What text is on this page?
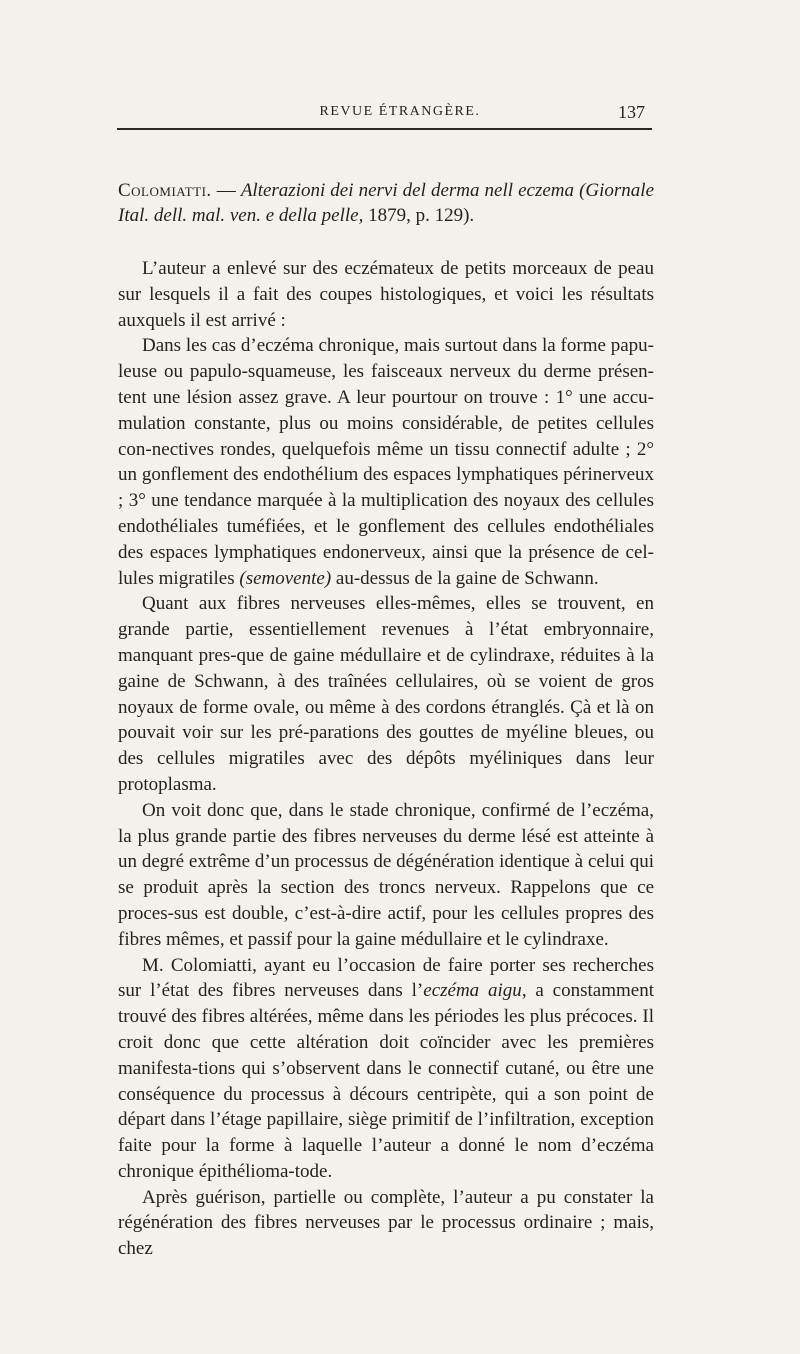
REVUE ÉTRANGÈRE.	137

Colomiatti. — Alterazioni dei nervi del derma nell eczema (Giornale Ital. dell. mal. ven. e della pelle, 1879, p. 129).

L’auteur a enlevé sur des eczémateux de petits morceaux de peau sur lesquels il a fait des coupes histologiques, et voici les résultats auxquels il est arrivé :

Dans les cas d’eczéma chronique, mais surtout dans la forme papu-leuse ou papulo-squameuse, les faisceaux nerveux du derme présen-tent une lésion assez grave. A leur pourtour on trouve : 1° une accu-mulation constante, plus ou moins considérable, de petites cellules con-nectives rondes, quelquefois même un tissu connectif adulte ; 2° un gonflement des endothélium des espaces lymphatiques périnerveux ; 3° une tendance marquée à la multiplication des noyaux des cellules endothéliales tuméfiées, et le gonflement des cellules endothéliales des espaces lymphatiques endonerveux, ainsi que la présence de cel-lules migratiles (semovente) au-dessus de la gaine de Schwann.

Quant aux fibres nerveuses elles-mêmes, elles se trouvent, en grande partie, essentiellement revenues à l’état embryonnaire, manquant pres-que de gaine médullaire et de cylindraxe, réduites à la gaine de Schwann, à des traînées cellulaires, où se voient de gros noyaux de forme ovale, ou même à des cordons étranglés. Çà et là on pouvait voir sur les pré-parations des gouttes de myéline bleues, ou des cellules migratiles avec des dépôts myéliniques dans leur protoplasma.

On voit donc que, dans le stade chronique, confirmé de l’eczéma, la plus grande partie des fibres nerveuses du derme lésé est atteinte à un degré extrême d’un processus de dégénération identique à celui qui se produit après la section des troncs nerveux. Rappelons que ce proces-sus est double, c’est-à-dire actif, pour les cellules propres des fibres mêmes, et passif pour la gaine médullaire et le cylindraxe.

M. Colomiatti, ayant eu l’occasion de faire porter ses recherches sur l’état des fibres nerveuses dans l’eczéma aigu, a constamment trouvé des fibres altérées, même dans les périodes les plus précoces. Il croit donc que cette altération doit coïncider avec les premières manifesta-tions qui s’observent dans le connectif cutané, ou être une conséquence du processus à décours centripète, qui a son point de départ dans l’étage papillaire, siège primitif de l’infiltration, exception faite pour la forme à laquelle l’auteur a donné le nom d’eczéma chronique épithélioma-tode.

Après guérison, partielle ou complète, l’auteur a pu constater la régénération des fibres nerveuses par le processus ordinaire ; mais, chez
